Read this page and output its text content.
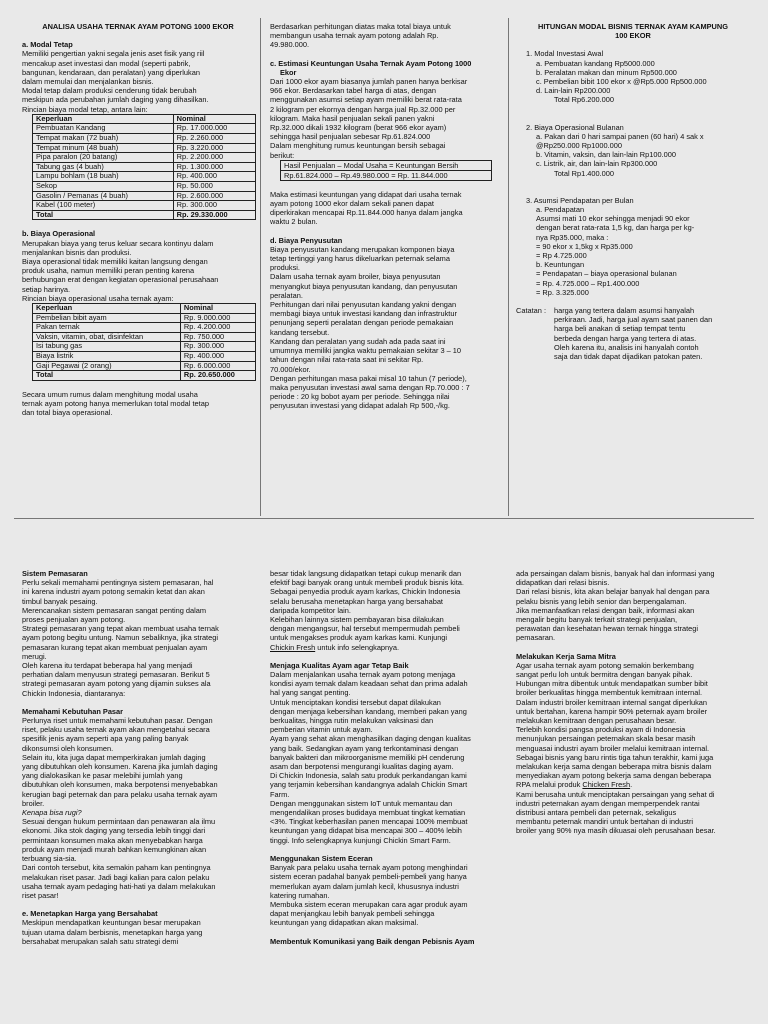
ANALISA USAHA TERNAK AYAM POTONG 1000 EKOR

a. Modal Tetap

Memiliki pengertian yakni segala jenis aset fisik yang riil

mencakup aset investasi dan modal (seperti pabrik,

bangunan, kendaraan, dan peralatan) yang diperlukan

dalam memulai dan menjalankan bisnis.

Modal tetap dalam produksi cenderung tidak berubah

meskipun ada perubahan jumlah daging yang dihasilkan.

Rincian biaya modal tetap, antara lain:

Keperluan	Nominal
Pembuatan Kandang	Rp. 17.000.000
Tempat makan (72 buah)	Rp. 2.260.000
Tempat minum (48 buah)	Rp. 3.220.000
Pipa paralon (20 batang)	Rp. 2.200.000
Tabung gas (4 buah)	Rp. 1.300.000
Lampu bohlam (18 buah)	Rp. 400.000
Sekop	Rp. 50.000
Gasolin / Pemanas (4 buah)	Rp. 2.600.000
Kabel (100 meter)	Rp. 300.000
Total	Rp. 29.330.000

b. Biaya Operasional

Merupakan biaya yang terus keluar secara kontinyu dalam

menjalankan bisnis dan produksi.

Biaya operasional tidak memiliki kaitan langsung dengan

produk usaha, namun memiliki peran penting karena

berhubungan erat dengan kegiatan operasional perusahaan

setiap harinya.

Rincian biaya operasional usaha ternak ayam:

Keperluan	Nominal
Pembelian bibit ayam	Rp. 9.000.000
Pakan ternak	Rp. 4.200.000
Vaksin, vitamin, obat, disinfektan	Rp. 750.000
Isi tabung gas	Rp. 300.000
Biaya listrik	Rp. 400.000
Gaji Pegawai (2 orang)	Rp. 6.000.000
Total	Rp. 20.650.000

Secara umum rumus dalam menghitung modal usaha

ternak ayam potong hanya memerlukan total modal tetap

dan total biaya operasional.

Berdasarkan perhitungan diatas maka total biaya untuk

membangun usaha ternak ayam potong adalah Rp.

49.980.000.

c. Estimasi Keuntungan Usaha Ternak Ayam Potong 1000

Ekor

Dari 1000 ekor ayam biasanya jumlah panen hanya berkisar

966 ekor. Berdasarkan tabel harga di atas, dengan

menggunakan asumsi setiap ayam memiliki berat rata-rata

2 kilogram per ekornya dengan harga jual Rp.32.000 per

kilogram. Maka hasil penjualan sekali panen yakni

Rp.32.000 dikali 1932 kilogram (berat 966 ekor ayam)

sehingga hasil penjualan sebesar Rp.61.824.000

Dalam menghitung rumus keuntungan bersih sebagai

berikut:

Hasil Penjualan – Modal Usaha = Keuntungan Bersih
Rp.61.824.000 – Rp.49.980.000 = Rp. 11.844.000

Maka estimasi keuntungan yang didapat dari usaha ternak

ayam potong 1000 ekor dalam sekali panen dapat

diperkirakan mencapai Rp.11.844.000 hanya dalam jangka

waktu 2 bulan.

d. Biaya Penyusutan

Biaya penyusutan kandang merupakan komponen biaya

tetap tertinggi yang harus dikeluarkan peternak selama

produksi.

Dalam usaha ternak ayam broiler, biaya penyusutan

menyangkut biaya penyusutan kandang, dan penyusutan

peralatan.

Perhitungan dari nilai penyusutan kandang yakni dengan

membagi biaya untuk investasi kandang dan infrastruktur

penunjang seperti peralatan dengan periode pemakaian

kandang tersebut.

Kandang dan peralatan yang sudah ada pada saat ini

umumnya memiliki jangka waktu pemakaian sekitar 3 – 10

tahun dengan nilai rata-rata saat ini sekitar Rp.

70.000/ekor.

Dengan perhitungan masa pakai misal 10 tahun (7 periode),

maka penyusutan investasi awal sama dengan Rp.70.000 : 7

periode : 20 kg bobot ayam per periode. Sehingga nilai

penyusutan investasi yang didapat adalah Rp 500,-/kg.

HITUNGAN MODAL BISNIS TERNAK AYAM KAMPUNG

100 EKOR

1. Modal Investasi Awal

a. Pembuatan kandang Rp5000.000

b. Peralatan makan dan minum Rp500.000

c. Pembelian bibit 100 ekor x @Rp5.000 Rp500.000

d. Lain-lain Rp200.000

Total Rp6.200.000

2. Biaya Operasional Bulanan

a. Pakan dari 0 hari sampai panen (60 hari) 4 sak x

@Rp250.000 Rp1000.000

b. Vitamin, vaksin, dan lain-lain Rp100.000

c. Listrik, air, dan lain-lain Rp300.000

Total Rp1.400.000

3. Asumsi Pendapatan per Bulan

a. Pendapatan

Asumsi mati 10 ekor sehingga menjadi 90 ekor

dengan berat rata-rata 1,5 kg, dan harga per kg-

nya Rp35.000, maka :

= 90 ekor x 1,5kg x Rp35.000

= Rp 4.725.000

b. Keuntungan

= Pendapatan – biaya operasional bulanan

= Rp. 4.725.000 – Rp1.400.000

= Rp. 3.325.000

Catatan :	harga yang tertera dalam asumsi hanyalah

perkiraan. Jadi, harga jual ayam saat panen dan

harga beli anakan di setiap tempat tentu

berbeda dengan harga yang tertera di atas.

Oleh karena itu, analisis ini hanyalah contoh

saja dan tidak dapat dijadikan patokan paten.

Sistem Pemasaran

Perlu sekali memahami pentingnya sistem pemasaran, hal

ini karena industri ayam potong semakin ketat dan akan

timbul banyak pesaing.

Merencanakan sistem pemasaran sangat penting dalam

proses penjualan ayam potong.

Strategi pemasaran yang tepat akan membuat usaha ternak

ayam potong begitu untung. Namun sebaliknya, jika strategi

pemasaran kurang tepat akan membuat penjualan ayam

merugi.

Oleh karena itu terdapat beberapa hal yang menjadi

perhatian dalam menyusun strategi pemasaran. Berikut 5

strategi pemasaran ayam potong yang dijamin sukses ala

Chickin Indonesia, diantaranya:

Memahami Kebutuhan Pasar

Perlunya riset untuk memahami kebutuhan pasar. Dengan

riset, pelaku usaha ternak ayam akan mengetahui secara

spesifik jenis ayam seperti apa yang paling banyak

dikonsumsi oleh konsumen.

Selain itu, kita juga dapat memperkirakan jumlah daging

yang dibutuhkan oleh konsumen. Karena jika jumlah daging

yang dialokasikan ke pasar melebihi jumlah yang

dibutuhkan oleh konsumen, maka berpotensi menyebabkan

kerugian bagi peternak dan para pelaku usaha ternak ayam

broiler.

Kenapa bisa rugi?

Sesuai dengan hukum permintaan dan penawaran ala ilmu

ekonomi. Jika stok daging yang tersedia lebih tinggi dari

permintaan konsumen maka akan menyebabkan harga

produk ayam menjadi murah bahkan kemungkinan akan

terbuang sia-sia.

Dari contoh tersebut, kita semakin paham kan pentingnya

melakukan riset pasar. Jadi bagi kalian para calon pelaku

usaha ternak ayam pedaging hati-hati ya dalam melakukan

riset pasar!

e. Menetapkan Harga yang Bersahabat

Meskipun mendapatkan keuntungan besar merupakan

tujuan utama dalam berbisnis, menetapkan harga yang

bersahabat merupakan salah satu strategi demi

besar tidak langsung didapatkan tetapi cukup menarik dan

efektif bagi banyak orang untuk membeli produk bisnis kita.

Sebagai penyedia produk ayam karkas, Chickin Indonesia

selalu berusaha menetapkan harga yang bersahabat

daripada kompetitor lain.

Kelebihan lainnya sistem pembayaran bisa dilakukan

dengan mengangsur, hal tersebut mempermudah pembeli

untuk mengakses produk ayam karkas kami. Kunjungi

Chickin Fresh untuk info selengkapnya.

Menjaga Kualitas Ayam agar Tetap Baik

Dalam menjalankan usaha ternak ayam potong menjaga

kondisi ayam ternak dalam keadaan sehat dan prima adalah

hal yang sangat penting.

Untuk menciptakan kondisi tersebut dapat dilakukan

dengan menjaga kebersihan kandang, memberi pakan yang

berkualitas, hingga rutin melakukan vaksinasi dan

pemberian vitamin untuk ayam.

Ayam yang sehat akan menghasilkan daging dengan kualitas

yang baik. Sedangkan ayam yang terkontaminasi dengan

banyak bakteri dan mikroorganisme memiliki pH cenderung

asam dan berpotensi mengurangi kualitas daging ayam.

Di Chickin Indonesia, salah satu produk perkandangan kami

yang terjamin kebersihan kandangnya adalah Chickin Smart

Farm.

Dengan menggunakan sistem IoT untuk memantau dan

mengendalikan proses budidaya membuat tingkat kematian

<3%. Tingkat keberhasilan panen mencapai 100% membuat

keuntungan yang didapat bisa mencapai 300 – 400% lebih

tinggi. Info selengkapnya kunjungi Chickin Smart Farm.

Menggunakan Sistem Eceran

Banyak para pelaku usaha ternak ayam potong menghindari

sistem eceran padahal banyak pembeli-pembeli yang hanya

memerlukan ayam dalam jumlah kecil, khususnya industri

katering rumahan.

Membuka sistem eceran merupakan cara agar produk ayam

dapat menjangkau lebih banyak pembeli sehingga

keuntungan yang didapatkan akan maksimal.

Membentuk Komunikasi yang Baik dengan Pebisnis Ayam

ada persaingan dalam bisnis, banyak hal dan informasi yang

didapatkan dari relasi bisnis.

Dari relasi bisnis, kita akan belajar banyak hal dengan para

pelaku bisnis yang lebih senior dan berpengalaman.

Jika memanfaatkan relasi dengan baik, informasi akan

mengalir begitu banyak terkait strategi penjualan,

perawatan dan kesehatan hewan ternak hingga strategi

pemasaran.

Melakukan Kerja Sama Mitra

Agar usaha ternak ayam potong semakin berkembang

sangat perlu loh untuk bermitra dengan banyak pihak.

Hubungan mitra dibentuk untuk mendapatkan sumber bibit

broiler berkualitas hingga membentuk kemitraan internal.

Dalam industri broiler kemitraan internal sangat diperlukan

untuk bertahan, karena hampir 90% peternak ayam broiler

melakukan kemitraan dengan perusahaan besar.

Terlebih kondisi pangsa produksi ayam di Indonesia

menunjukan persaingan peternakan skala besar masih

menguasai industri ayam broiler melalui kemitraan internal.

Sebagai bisnis yang baru rintis tiga tahun terakhir, kami juga

melakukan kerja sama dengan beberapa mitra bisnis dalam

menyediakan ayam potong bekerja sama dengan beberapa

RPA melalui produk Chicken Fresh.

Kami berusaha untuk menciptakan persaingan yang sehat di

industri peternakan ayam dengan memperpendek rantai

distribusi antara pembeli dan peternak, sekaligus

membantu peternak mandiri untuk bertahan di industri

broiler yang 90% nya masih dikuasai oleh perusahaan besar.
